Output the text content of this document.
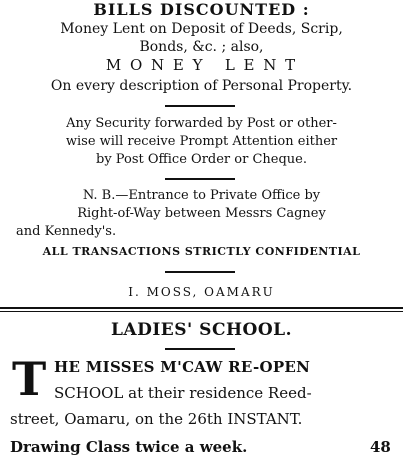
BILLS DISCOUNTED :
Money Lent on Deposit of Deeds, Scrip,
Bonds, &c. ; also,
M O N E Y   L E N T
On every description of Personal Property.
Any Security forwarded by Post or other-
wise will receive Prompt Attention either
by Post Office Order or Cheque.
N. B.—Entrance to Private Office by
Right-of-Way between Messrs Cagney
and Kennedy's.
ALL TRANSACTIONS STRICTLY CONFIDENTIAL
I. MOSS, OAMARU
LADIES' SCHOOL.
T HE MISSES M'CAW RE-OPEN
SCHOOL at their residence Reed-
street, Oamaru, on the 26th INSTANT.
Drawing Class twice a week.	48
